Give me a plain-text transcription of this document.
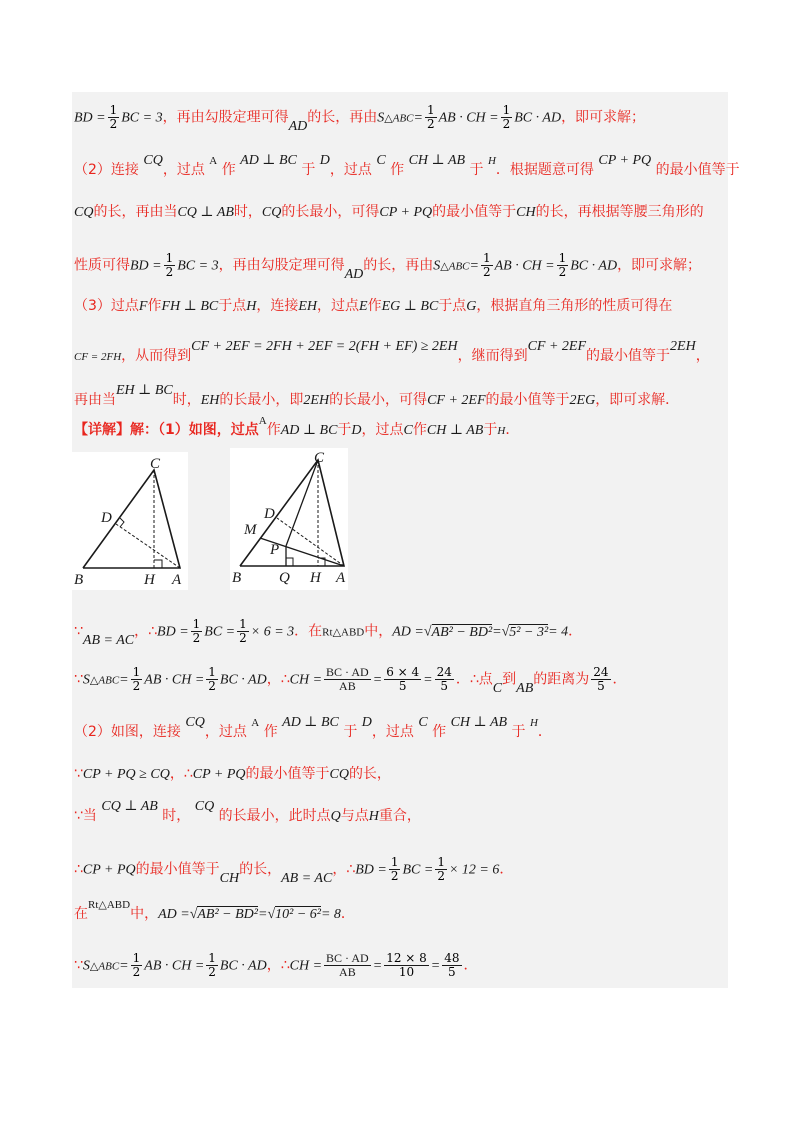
BD = $\frac{1}{2}$ BC = 3，再由勾股定理可得AD的长，再由S△ABC= $\frac{1}{2}$ AB · CH = $\frac{1}{2}$ BC · AD，即可求解；
（2）连接 CQ，过点 $^A$ 作 AD ⊥ BC 于 D，过点 C 作 CH ⊥ AB 于 $^H$．根据题意可得 CP + PQ 的最小值等于
CQ的长，再由当CQ ⊥ AB时，CQ的长最小，可得CP + PQ的最小值等于CH的长，再根据等腰三角形的
性质可得BD = $\frac{1}{2}$ BC = 3，再由勾股定理可得AD的长，再由S△ABC= $\frac{1}{2}$ AB · CH = $\frac{1}{2}$ BC · AD，即可求解；
（3）过点F作FH ⊥ BC于点H，连接EH，过点E作EG ⊥ BC于点G，根据直角三角形的性质可得在
CF = 2FH，从而得到CF + 2EF = 2FH + 2EF = 2(FH + EF) ≥ 2EH，继而得到CF + 2EF的最小值等于2EH，
再由当EH ⊥ BC时，EH的长最小，即2EH的长最小，可得CF + 2EF的最小值等于2EG，即可求解．
【详解】解：（1）如图，过点$^A$作AD ⊥ BC于D，过点C作CH ⊥ AB于H．
C
D
B	H A
C
D
M
P
B	Q H A
∵AB = AC，∴BD = $\frac{1}{2}$ BC = $\frac{1}{2} \times 6 = 3$．在Rt△ABD中，AD =√AB² − BD²=√5² − 3²= 4．
∵S△ABC= $\frac{1}{2}$ AB · CH = $\frac{1}{2}$ BC · AD，∴CH = $\frac{BC \cdot AD}{AB} = \frac{6 \times 4}{5} = \frac{24}{5}$ ．∴点C到AB的距离为 $\frac{24}{5}$ ．
（2）如图，连接 CQ，过点 $^A$ 作 AD ⊥ BC 于 D，过点 C 作 CH ⊥ AB 于 $^H$．
∵CP + PQ ≥ CQ，∴CP + PQ的最小值等于CQ的长，
∵当 CQ ⊥ AB 时， CQ 的长最小，此时点Q与点H重合，
∴CP + PQ的最小值等于CH的长，AB = AC，∴BD = $\frac{1}{2}$ BC = $\frac{1}{2} \times 12 = 6$．
在$^{Rt\triangle ABD}$中，AD =√AB² − BD²=√10² − 6²= 8．
∵S△ABC= $\frac{1}{2}$ AB · CH = $\frac{1}{2}$ BC · AD，∴CH = $\frac{BC \cdot AD}{AB} = \frac{12 \times 8}{10} = \frac{48}{5}$ ．
